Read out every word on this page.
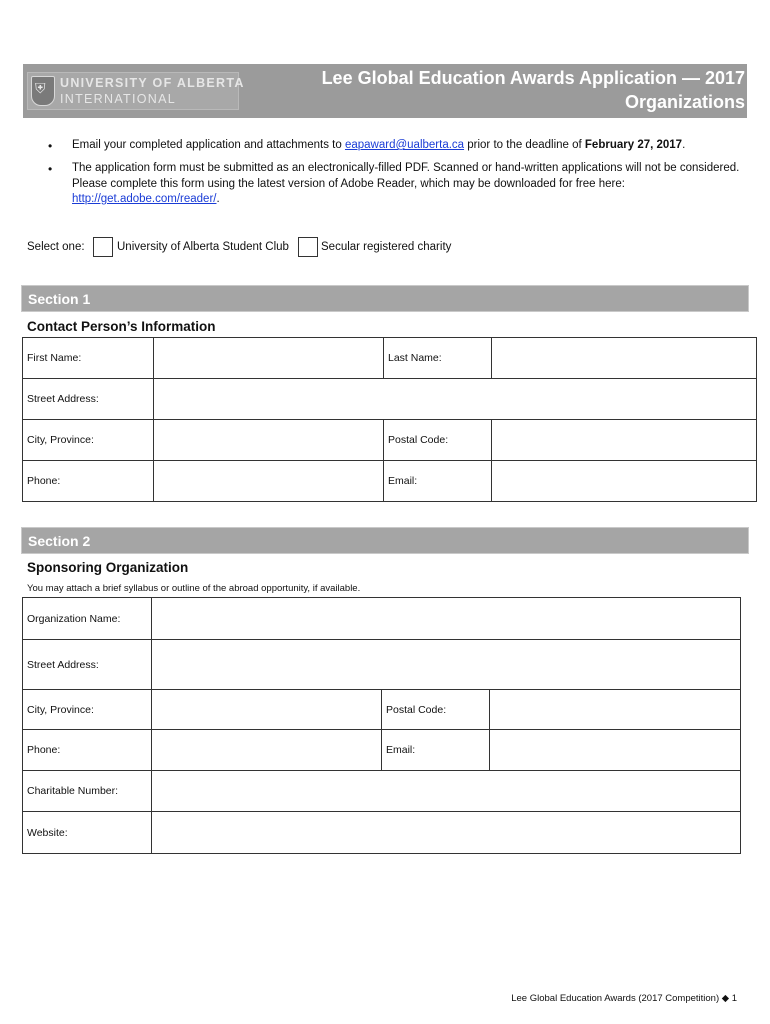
⛨ UNIVERSITY OF ALBERTA
INTERNATIONAL
Lee Global Education Awards Application — 2017
Organizations
• Email your completed application and attachments to eapaward@ualberta.ca prior to the deadline of February 27, 2017.
• The application form must be submitted as an electronically-filled PDF. Scanned or hand-written applications will not be considered.
Please complete this form using the latest version of Adobe Reader, which may be downloaded for free here:
http://get.adobe.com/reader/.
Select one:	University of Alberta Student Club	Secular registered charity
Section 1
Contact Person’s Information
First Name:		Last Name:	
Street Address:			
City, Province:		Postal Code:	
Phone:		Email:	
Section 2
Sponsoring Organization
You may attach a brief syllabus or outline of the abroad opportunity, if available.
Organization Name:			
Street Address:			
City, Province:		Postal Code:	
Phone:		Email:	
Charitable Number:			
Website:			
Lee Global Education Awards (2017 Competition) ◆ 1
